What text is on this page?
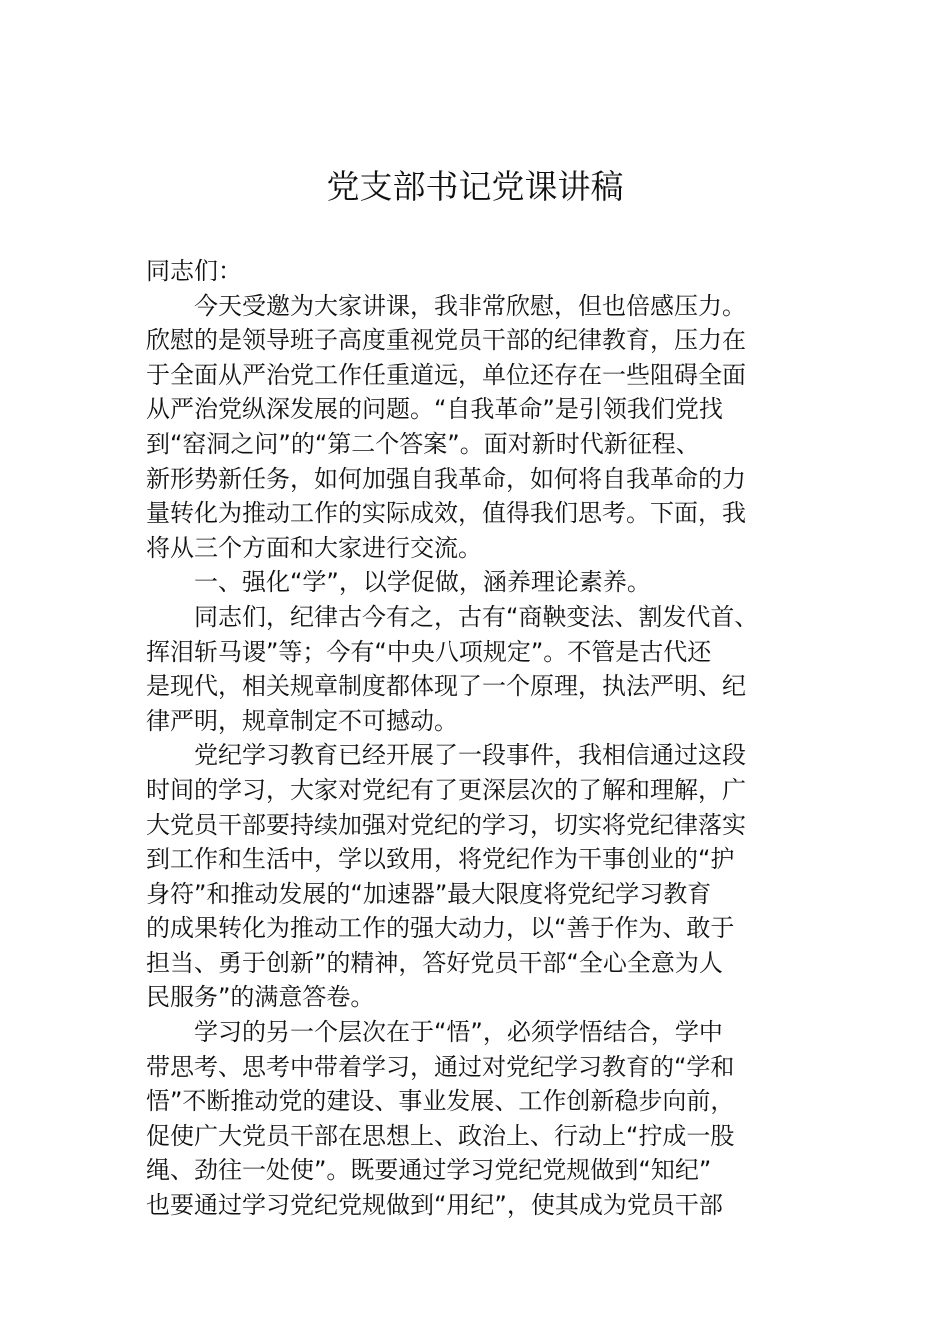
党支部书记党课讲稿
同志们：
今天受邀为大家讲课，我非常欣慰，但也倍感压力。
欣慰的是领导班子高度重视党员干部的纪律教育，压力在
于全面从严治党工作任重道远，单位还存在一些阻碍全面
从严治党纵深发展的问题。“自我革命”是引领我们党找
到“窑洞之问”的“第二个答案”。面对新时代新征程、
新形势新任务，如何加强自我革命，如何将自我革命的力
量转化为推动工作的实际成效，值得我们思考。下面，我
将从三个方面和大家进行交流。
一、强化“学”，以学促做，涵养理论素养。
同志们，纪律古今有之，古有“商鞅变法、割发代首、
挥泪斩马谡”等；今有“中央八项规定”。不管是古代还
是现代，相关规章制度都体现了一个原理，执法严明、纪
律严明，规章制定不可撼动。
党纪学习教育已经开展了一段事件，我相信通过这段
时间的学习，大家对党纪有了更深层次的了解和理解，广
大党员干部要持续加强对党纪的学习，切实将党纪律落实
到工作和生活中，学以致用，将党纪作为干事创业的“护
身符”和推动发展的“加速器”最大限度将党纪学习教育
的成果转化为推动工作的强大动力，以“善于作为、敢于
担当、勇于创新”的精神，答好党员干部“全心全意为人
民服务”的满意答卷。
学习的另一个层次在于“悟”，必须学悟结合，学中
带思考、思考中带着学习，通过对党纪学习教育的“学和
悟”不断推动党的建设、事业发展、工作创新稳步向前，
促使广大党员干部在思想上、政治上、行动上“拧成一股
绳、劲往一处使”。既要通过学习党纪党规做到“知纪”
也要通过学习党纪党规做到“用纪”，使其成为党员干部
